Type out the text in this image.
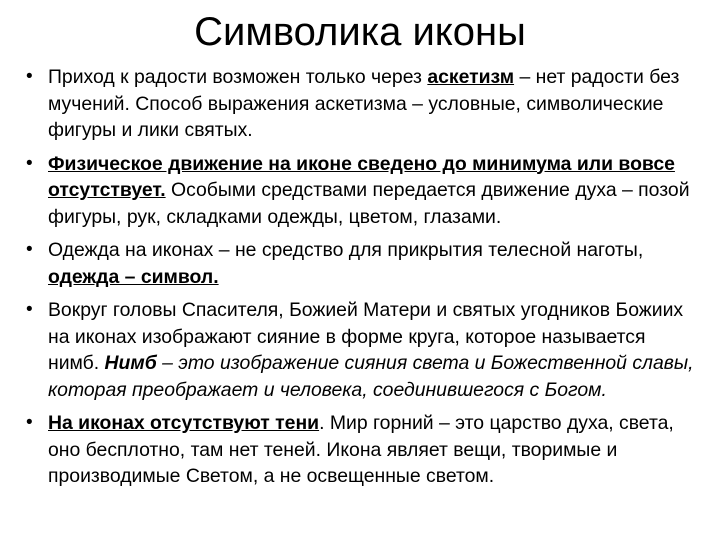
Символика иконы
• Приход к радости возможен только через аскетизм – нет радости без мучений. Способ выражения аскетизма – условные, символические фигуры и лики святых.
• Физическое движение на иконе сведено до минимума или вовсе отсутствует. Особыми средствами передается движение духа – позой фигуры, рук, складками одежды, цветом, глазами.
• Одежда на иконах – не средство для прикрытия телесной наготы, одежда – символ.
• Вокруг головы Спасителя, Божией Матери и святых угодников Божиих на иконах изображают сияние в форме круга, которое называется нимб. Нимб – это изображение сияния света и Божественной славы, которая преображает и человека, соединившегося с Богом.
• На иконах отсутствуют тени. Мир горний – это царство духа, света, оно бесплотно, там нет теней. Икона являет вещи, творимые и производимые Светом, а не освещенные светом.
